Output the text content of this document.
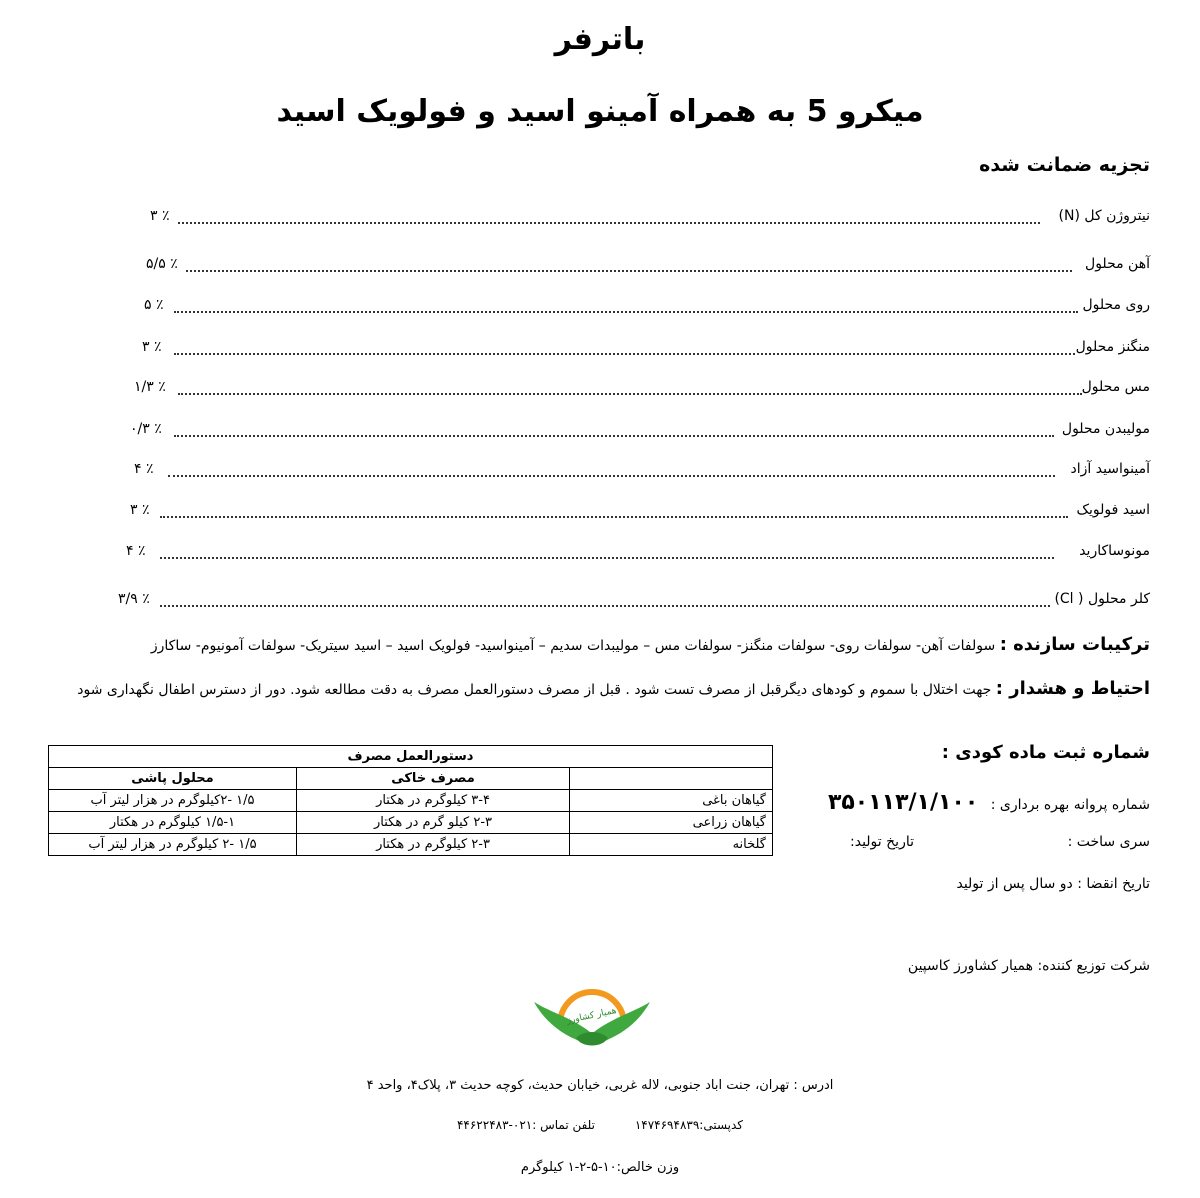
باترفر
میکرو 5 به همراه آمینو اسید و فولویک اسید
تجزیه ضمانت شده
نیتروژن کل (N)
٪ ۳
آهن محلول
٪ ۵/۵
روی محلول
٪ ۵
منگنز محلول
٪ ۳
مس محلول
٪ ۱/۳
مولیبدن محلول
٪ ۰/۳
آمینواسید آزاد
٪ ۴
اسید فولویک
٪ ۳
مونوساکارید
٪ ۴
کلر محلول ( Cl)
٪ ۳/۹
ترکیبات سازنده : سولفات آهن- سولفات روی- سولفات منگنز- سولفات مس – مولیبدات سدیم – آمینواسید- فولویک اسید – اسید سیتریک- سولفات آمونیوم- ساکارز
احتیاط و هشدار : جهت اختلال با سموم و کودهای دیگرقبل از مصرف تست شود . قبل از مصرف دستورالعمل مصرف به دقت مطالعه شود. دور از دسترس اطفال نگهداری شود
دستورالعمل مصرف		
	مصرف خاکی	محلول پاشی
گیاهان باغی	۳-۴ کیلوگرم در هکتار	۱/۵ -۲کیلوگرم در هزار لیتر آب
گیاهان زراعی	۲-۳ کیلو گرم در هکتار	۱/۵-۱ کیلوگرم در هکتار
گلخانه	۲-۳ کیلوگرم در هکتار	۱/۵ -۲ کیلوگرم در هزار لیتر آب
شماره ثبت ماده کودی :
شماره پروانه بهره برداری : ۳۵۰۱۱۳/۱/۱۰۰
سری ساخت :
تاریخ تولید:
تاریخ انقضا : دو سال پس از تولید
شرکت توزیع کننده: همیار کشاورز کاسپین
همیار کشاورز
ادرس : تهران، جنت اباد جنوبی، لاله غربی، خیابان حدیث، کوچه حدیث ۳، پلاک۴، واحد ۴
کدپستی:۱۴۷۴۶۹۴۸۳۹ تلفن تماس :۰۲۱-۴۴۶۲۲۴۸۳
وزن خالص:۱۰-۵-۲-۱ کیلوگرم
